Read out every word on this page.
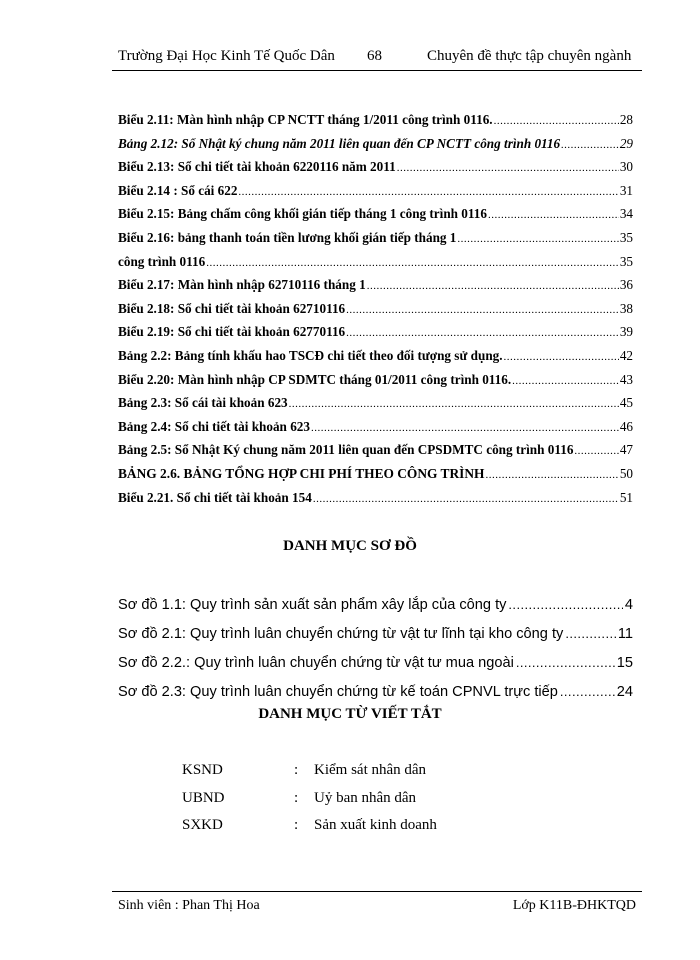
Trường Đại Học Kinh Tế Quốc Dân 68	Chuyên đề thực tập chuyên ngành
Biểu 2.11: Màn hình nhập CP NCTT tháng 1/2011 công trình 0116. .....	28
Bảng 2.12: Sổ Nhật ký chung năm 2011 liên quan đến CP NCTT công trình 0116 .....	29
Biểu 2.13: Sổ chi tiết tài khoản 6220116 năm 2011 .....	30
Biểu 2.14 : Sổ cái 622 .....	31
Biểu 2.15: Bảng chấm công khối gián tiếp tháng 1 công trình 0116 .....	34
Biểu 2.16: bảng thanh toán tiền lương khối gián tiếp tháng 1 .....	35
công trình 0116 .....	35
Biểu 2.17: Màn hình nhập 62710116 tháng 1 .....	36
Biểu 2.18: Sổ chi tiết tài khoản 62710116 .....	38
Biểu 2.19: Sổ chi tiết tài khoản 62770116 .....	39
Bảng 2.2: Bảng tính khấu hao TSCĐ chi tiết theo đối tượng sử dụng. .....	42
Biểu 2.20: Màn hình nhập CP SDMTC tháng 01/2011 công trình 0116. .....	43
Bảng 2.3: Sổ cái tài khoản 623 .....	45
Bảng 2.4: Sổ chi tiết tài khoản 623 .....	46
Bảng 2.5: Sổ Nhật Ký chung năm 2011 liên quan đến CPSDMTC công trình 0116 .....	47
BẢNG 2.6. BẢNG TỔNG HỢP CHI PHÍ THEO CÔNG TRÌNH .....	50
Biểu 2.21. Sổ chi tiết tài khoản 154 .....	51
DANH MỤC SƠ ĐỒ
Sơ đồ 1.1: Quy trình sản xuất sản phẩm xây lắp của công ty .....	4
Sơ đồ 2.1: Quy trình luân chuyển chứng từ vật tư lĩnh tại kho công ty .....	11
Sơ đồ 2.2.: Quy trình luân chuyển chứng từ vật tư mua ngoài .....	15
Sơ đồ 2.3: Quy trình luân chuyển chứng từ kế toán CPNVL trực tiếp .....	24
DANH MỤC TỪ VIẾT TẮT
KSND	:	Kiểm sát nhân dân
UBND	:	Uỷ ban nhân dân
SXKD	:	Sản xuất kinh doanh
Sinh viên : Phan Thị Hoa	Lớp K11B-ĐHKTQD
